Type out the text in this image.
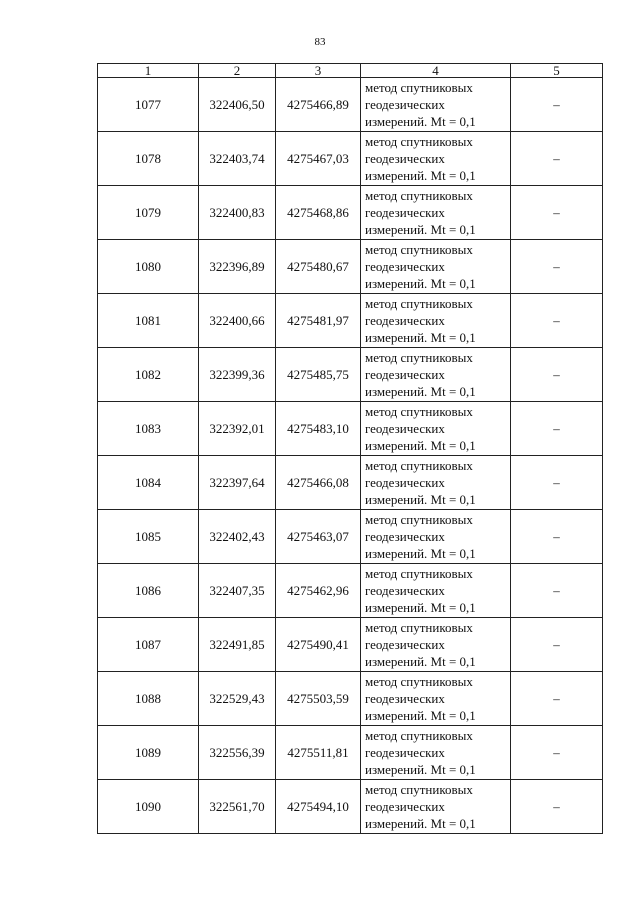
83
1	2	3	4	5
1077	322406,50	4275466,89	метод спутниковых
геодезических
измерений. Mt = 0,1	–
1078	322403,74	4275467,03	метод спутниковых
геодезических
измерений. Mt = 0,1	–
1079	322400,83	4275468,86	метод спутниковых
геодезических
измерений. Mt = 0,1	–
1080	322396,89	4275480,67	метод спутниковых
геодезических
измерений. Mt = 0,1	–
1081	322400,66	4275481,97	метод спутниковых
геодезических
измерений. Mt = 0,1	–
1082	322399,36	4275485,75	метод спутниковых
геодезических
измерений. Mt = 0,1	–
1083	322392,01	4275483,10	метод спутниковых
геодезических
измерений. Mt = 0,1	–
1084	322397,64	4275466,08	метод спутниковых
геодезических
измерений. Mt = 0,1	–
1085	322402,43	4275463,07	метод спутниковых
геодезических
измерений. Mt = 0,1	–
1086	322407,35	4275462,96	метод спутниковых
геодезических
измерений. Mt = 0,1	–
1087	322491,85	4275490,41	метод спутниковых
геодезических
измерений. Mt = 0,1	–
1088	322529,43	4275503,59	метод спутниковых
геодезических
измерений. Mt = 0,1	–
1089	322556,39	4275511,81	метод спутниковых
геодезических
измерений. Mt = 0,1	–
1090	322561,70	4275494,10	метод спутниковых
геодезических
измерений. Mt = 0,1	–
